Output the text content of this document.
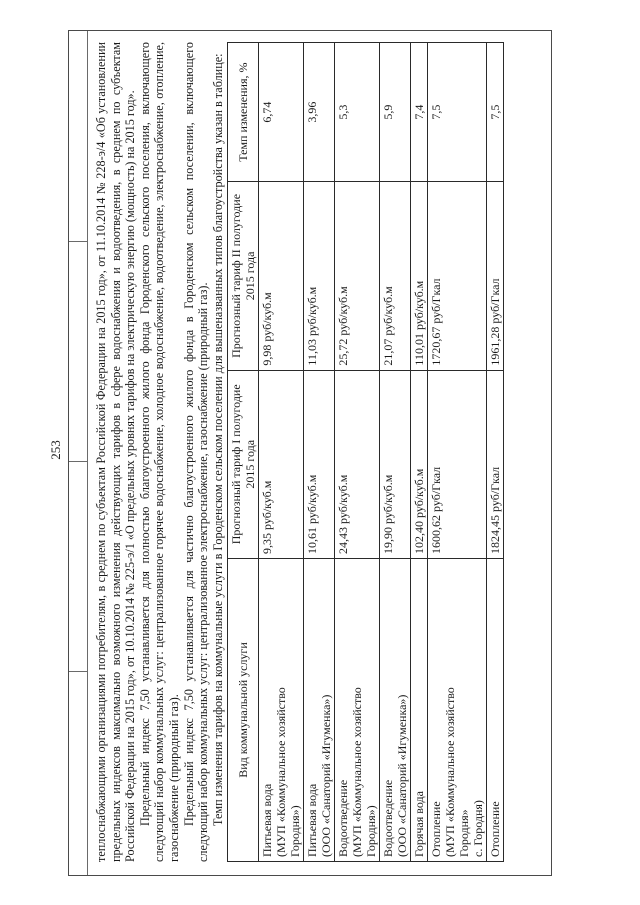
253	теплоснабжающими организациями потребителям, в среднем по субъектам Российской Федерации на 2015 год», от 11.10.2014 № 228-э/4 «Об установлении предельных индексов максимально возможного изменения действующих тарифов в сфере водоснабжения и водоотведения, в среднем по субъектам Российской Федерации на 2015 год», от 10.10.2014 № 225-э/1 «О предельных уровнях тарифов на электрическую энергию (мощность) на 2015 год». Предельный индекс 7,50 устанавливается для полностью благоустроенного жилого фонда Городенского сельского поселения, включающего следующий набор коммунальных услуг: централизованное горячее водоснабжение, холодное водоснабжение, водоотведение, электроснабжение, отопление, газоснабжение (природный газ). Предельный индекс 7,50 устанавливается для частично благоустроенного жилого фонда в Городенском сельском поселении, включающего следующий набор коммунальных услуг: централизованное электроснабжение, газоснабжение (природный газ). Темп изменения тарифов на коммунальные услуги в Городенском сельском поселении для вышеназванных типов благоустройства указан в таблице: Вид коммунальной услуги	Прогнозный тариф I полугодие 2015 года	Прогнозный тариф II полугодие 2015 года	Темп изменения, %

Питьевая вода (МУП «Коммунальное хозяйство Городня»)	9,35 руб/куб.м	9,98 руб/куб.м	6,74

Питьевая вода (ООО «Санаторий «Игуменка»)	10,61 руб/куб.м	11,03 руб/куб.м	3,96

Водоотведение (МУП «Коммунальное хозяйство Городня»)	24,43 руб/куб.м	25,72 руб/куб.м	5,3

Водоотведение (ООО «Санаторий «Игуменка»)	19,90 руб/куб.м	21,07 руб/куб.м	5,9

Горячая вода	102,40 руб/куб.м	110,01 руб/куб.м	7,4

Отопление (МУП «Коммунальное хозяйство Городня» с. Городня)	1600,62 руб/Гкал	1720,67 руб/Гкал	7,5

Отопление	1824,45 руб/Гкал	1961,28 руб/Гкал	7,5
